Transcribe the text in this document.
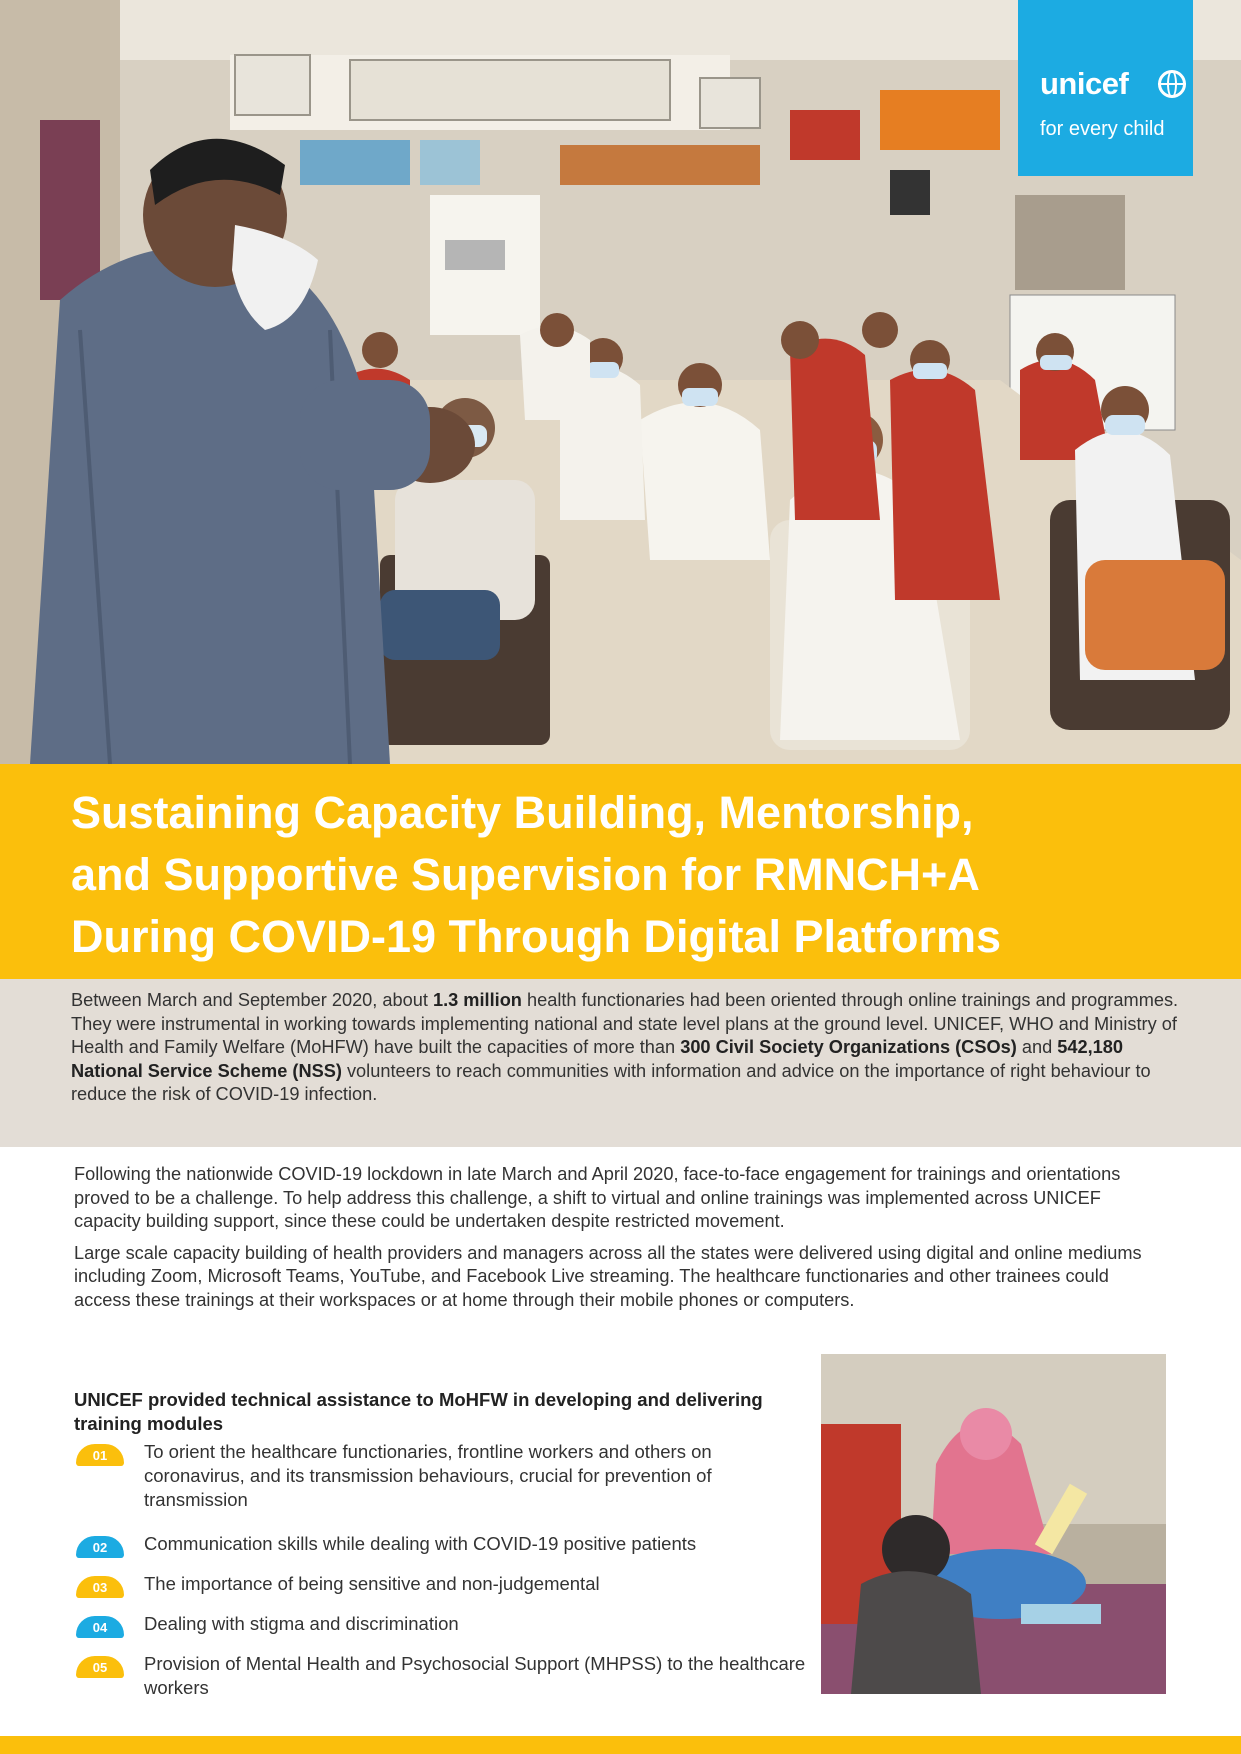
unicef
for every child
Sustaining Capacity Building, Mentorship,
and Supportive Supervision for RMNCH+A
During COVID-19 Through Digital Platforms

Between March and September 2020, about 1.3 million health functionaries had been oriented through online trainings and programmes. They were instrumental in working towards implementing national and state level plans at the ground level. UNICEF, WHO and Ministry of Health and Family Welfare (MoHFW) have built the capacities of more than 300 Civil Society Organizations (CSOs) and 542,180 National Service Scheme (NSS) volunteers to reach communities with information and advice on the importance of right behaviour to reduce the risk of COVID-19 infection.

Following the nationwide COVID-19 lockdown in late March and April 2020, face-to-face engagement for trainings and orientations proved to be a challenge. To help address this challenge, a shift to virtual and online trainings was implemented across UNICEF capacity building support, since these could be undertaken despite restricted movement.

Large scale capacity building of health providers and managers across all the states were delivered using digital and online mediums including Zoom, Microsoft Teams, YouTube, and Facebook Live streaming. The healthcare functionaries and other trainees could access these trainings at their workspaces or at home through their mobile phones or computers.

UNICEF provided technical assistance to MoHFW in developing and delivering training modules
01	To orient the healthcare functionaries, frontline workers and others on coronavirus, and its transmission behaviours, crucial for prevention of transmission
02	Communication skills while dealing with COVID-19 positive patients
03	The importance of being sensitive and non-judgemental
04	Dealing with stigma and discrimination
05	Provision of Mental Health and Psychosocial Support (MHPSS) to the healthcare workers
